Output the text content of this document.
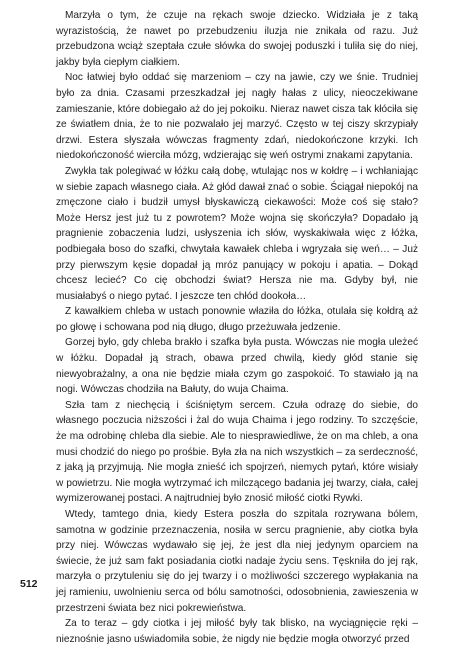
Marzyła o tym, że czuje na rękach swoje dziecko. Widziała je z taką wyrazistością, że nawet po przebudzeniu iluzja nie znikała od razu. Już przebudzona wciąż szeptała czułe słówka do swojej poduszki i tuliła się do niej, jakby była ciepłym ciałkiem.

Noc łatwiej było oddać się marzeniom – czy na jawie, czy we śnie. Trudniej było za dnia. Czasami przeszkadzał jej nagły hałas z ulicy, nieoczekiwane zamieszanie, które dobiegało aż do jej pokoiku. Nieraz nawet cisza tak kłóciła się ze światłem dnia, że to nie pozwalało jej marzyć. Często w tej ciszy skrzypiały drzwi. Estera słyszała wówczas fragmenty zdań, niedokończone krzyki. Ich niedokończoność wierciła mózg, wdzierając się weń ostrymi znakami zapytania.

Zwykła tak polegiwać w łóżku całą dobę, wtulając nos w kołdrę – i wchłaniając w siebie zapach własnego ciała. Aż głód dawał znać o sobie. Ściągał niepokój na zmęczone ciało i budził umysł błyskawiczą ciekawości: Może coś się stało? Może Hersz jest już tu z powrotem? Może wojna się skończyła? Dopadało ją pragnienie zobaczenia ludzi, usłyszenia ich słów, wyskakiwała więc z łóżka, podbiegała boso do szafki, chwytała kawałek chleba i wgryzała się weń… – Już przy pierwszym kęsie dopadał ją mróz panujący w pokoju i apatia. – Dokąd chcesz lecieć? Co cię obchodzi świat? Hersza nie ma. Gdyby był, nie musiałabyś o niego pytać. I jeszcze ten chłód dookoła…

Z kawałkiem chleba w ustach ponownie właziła do łóżka, otulała się kołdrą aż po głowę i schowana pod nią długo, długo przeżuwała jedzenie.

Gorzej było, gdy chleba brakło i szafka była pusta. Wówczas nie mogła uleżeć w łóżku. Dopadał ją strach, obawa przed chwilą, kiedy głód stanie się niewyobrażalny, a ona nie będzie miała czym go zaspokoić. To stawiało ją na nogi. Wówczas chodziła na Bałuty, do wuja Chaima.

Szła tam z niechęcią i ściśniętym sercem. Czuła odrazę do siebie, do własnego poczucia niższości i żal do wuja Chaima i jego rodziny. To szczęście, że ma odrobinę chleba dla siebie. Ale to niesprawiedliwe, że on ma chleb, a ona musi chodzić do niego po prośbie. Była zła na nich wszystkich – za serdeczność, z jaką ją przyjmują. Nie mogła znieść ich spojrzeń, niemych pytań, które wisiały w powietrzu. Nie mogła wytrzymać ich milczącego badania jej twarzy, ciała, całej wymizerowanej postaci. A najtrudniej było znosić miłość ciotki Rywki.

Wtedy, tamtego dnia, kiedy Estera poszła do szpitala rozrywana bólem, samotna w godzinie przeznaczenia, nosiła w sercu pragnienie, aby ciotka była przy niej. Wówczas wydawało się jej, że jest dla niej jedynym oparciem na świecie, że już sam fakt posiadania ciotki nadaje życiu sens. Tęskniła do jej rąk, marzyła o przytuleniu się do jej twarzy i o możliwości szczerego wypłakania na jej ramieniu, uwolnieniu serca od bólu samotności, odosobnienia, zawieszenia w przestrzeni świata bez nici pokrewieństwa.

Za to teraz – gdy ciotka i jej miłość były tak blisko, na wyciągnięcie ręki – nieznośnie jasno uświadomiła sobie, że nigdy nie będzie mogła otworzyć przed

512
